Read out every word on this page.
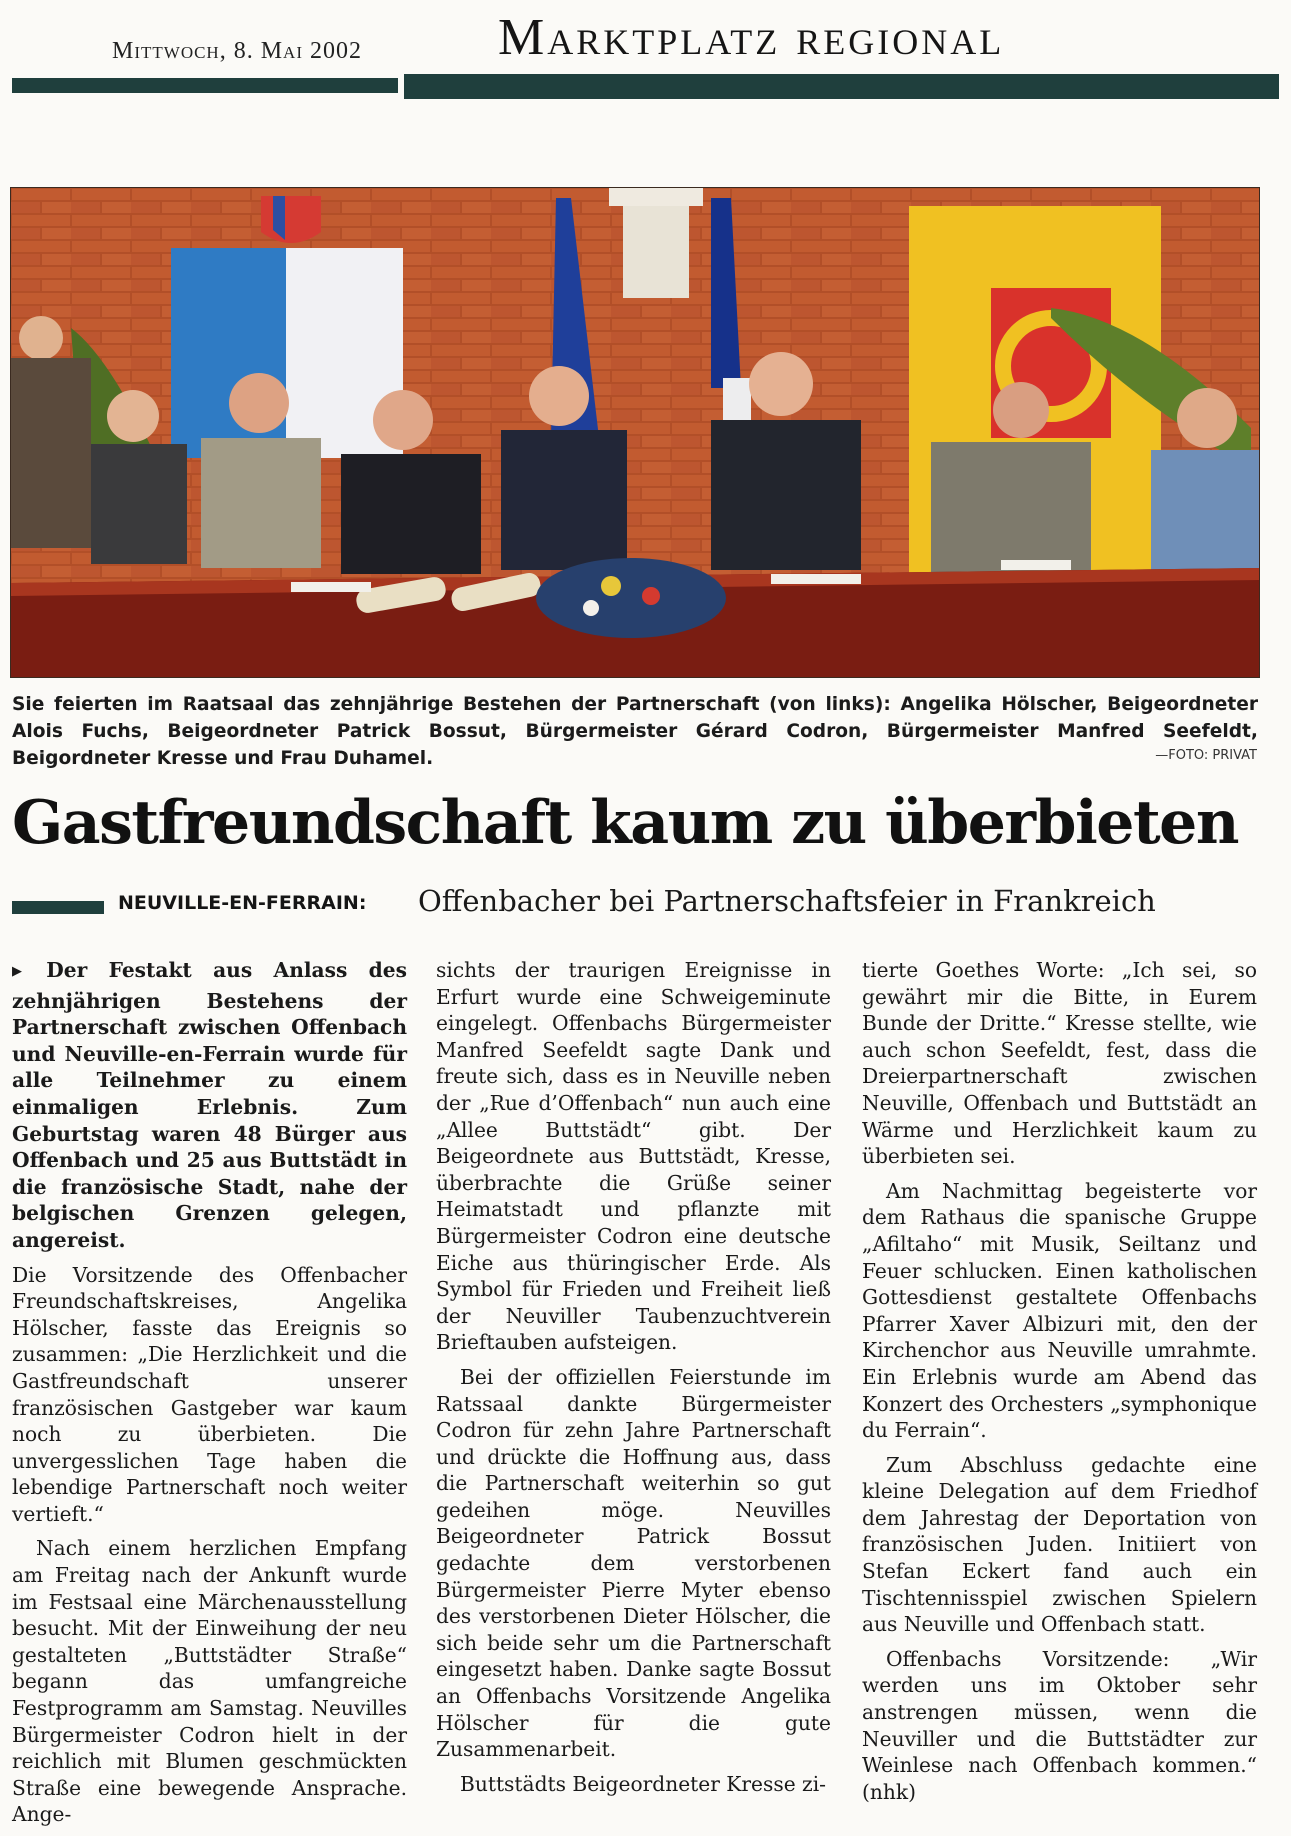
Mittwoch, 8. Mai 2002	Marktplatz regional
Sie feierten im Raatsaal das zehnjährige Bestehen der Partnerschaft (von links): Angelika Hölscher, Beigeordneter Alois Fuchs, Beigeordneter Patrick Bossut, Bürgermeister Gérard Codron, Bürgermeister Manfred Seefeldt, Beigordneter Kresse und Frau Duhamel.	—FOTO: PRIVAT
Gastfreundschaft kaum zu überbieten
NEUVILLE-EN-FERRAIN: Offenbacher bei Partnerschaftsfeier in Frankreich

▶ Der Festakt aus Anlass des zehnjährigen Bestehens der Partnerschaft zwischen Offenbach und Neuville-en-Ferrain wurde für alle Teilnehmer zu einem einmaligen Erlebnis. Zum Geburtstag waren 48 Bürger aus Offenbach und 25 aus Buttstädt in die französische Stadt, nahe der belgischen Grenzen gelegen, angereist.

Die Vorsitzende des Offenbacher Freundschaftskreises, Angelika Hölscher, fasste das Ereignis so zusammen: „Die Herzlichkeit und die Gastfreundschaft unserer französischen Gastgeber war kaum noch zu überbieten. Die unvergesslichen Tage haben die lebendige Partnerschaft noch weiter vertieft.“

Nach einem herzlichen Empfang am Freitag nach der Ankunft wurde im Festsaal eine Märchenausstellung besucht. Mit der Einweihung der neu gestalteten „Buttstädter Straße“ begann das umfangreiche Festprogramm am Samstag. Neuvilles Bürgermeister Codron hielt in der reichlich mit Blumen geschmückten Straße eine bewegende Ansprache. Ange-

sichts der traurigen Ereignisse in Erfurt wurde eine Schweigeminute eingelegt. Offenbachs Bürgermeister Manfred Seefeldt sagte Dank und freute sich, dass es in Neuville neben der „Rue d’Offenbach“ nun auch eine „Allee Buttstädt“ gibt. Der Beigeordnete aus Buttstädt, Kresse, überbrachte die Grüße seiner Heimatstadt und pflanzte mit Bürgermeister Codron eine deutsche Eiche aus thüringischer Erde. Als Symbol für Frieden und Freiheit ließ der Neuviller Taubenzuchtverein Brieftauben aufsteigen.

Bei der offiziellen Feierstunde im Ratssaal dankte Bürgermeister Codron für zehn Jahre Partnerschaft und drückte die Hoffnung aus, dass die Partnerschaft weiterhin so gut gedeihen möge. Neuvilles Beigeordneter Patrick Bossut gedachte dem verstorbenen Bürgermeister Pierre Myter ebenso des verstorbenen Dieter Hölscher, die sich beide sehr um die Partnerschaft eingesetzt haben. Danke sagte Bossut an Offenbachs Vorsitzende Angelika Hölscher für die gute Zusammenarbeit.

Buttstädts Beigeordneter Kresse zi-

tierte Goethes Worte: „Ich sei, so gewährt mir die Bitte, in Eurem Bunde der Dritte.“ Kresse stellte, wie auch schon Seefeldt, fest, dass die Dreierpartnerschaft zwischen Neuville, Offenbach und Buttstädt an Wärme und Herzlichkeit kaum zu überbieten sei.

Am Nachmittag begeisterte vor dem Rathaus die spanische Gruppe „Afiltaho“ mit Musik, Seiltanz und Feuer schlucken. Einen katholischen Gottesdienst gestaltete Offenbachs Pfarrer Xaver Albizuri mit, den der Kirchenchor aus Neuville umrahmte. Ein Erlebnis wurde am Abend das Konzert des Orchesters „symphonique du Ferrain“.

Zum Abschluss gedachte eine kleine Delegation auf dem Friedhof dem Jahrestag der Deportation von französischen Juden. Initiiert von Stefan Eckert fand auch ein Tischtennisspiel zwischen Spielern aus Neuville und Offenbach statt.

Offenbachs Vorsitzende: „Wir werden uns im Oktober sehr anstrengen müssen, wenn die Neuviller und die Buttstädter zur Weinlese nach Offenbach kommen.“ (nhk)
